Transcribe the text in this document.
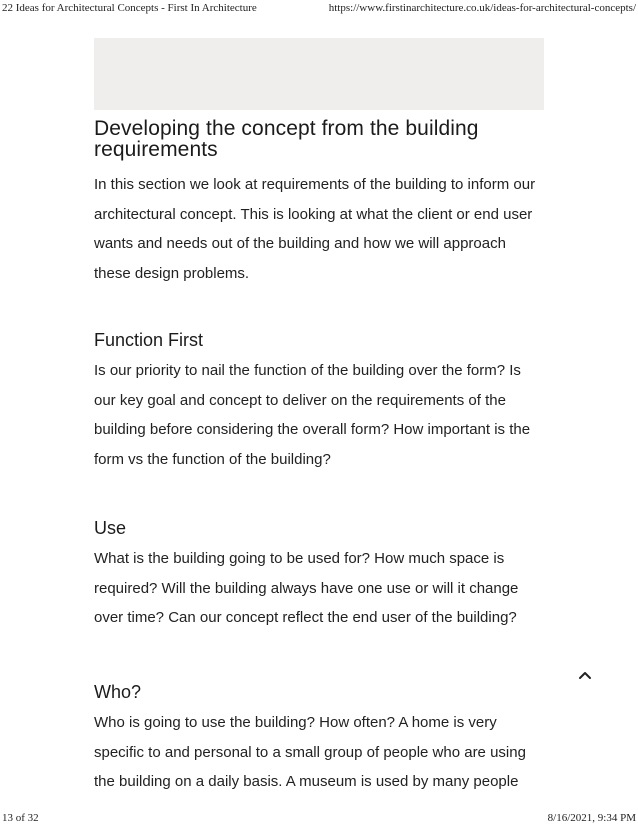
22 Ideas for Architectural Concepts - First In Architecture	https://www.firstinarchitecture.co.uk/ideas-for-architectural-concepts/
Developing the concept from the building requirements

In this section we look at requirements of the building to inform our architectural concept. This is looking at what the client or end user wants and needs out of the building and how we will approach these design problems.

Function First

Is our priority to nail the function of the building over the form? Is our key goal and concept to deliver on the requirements of the building before considering the overall form? How important is the form vs the function of the building?

Use

What is the building going to be used for? How much space is required? Will the building always have one use or will it change over time? Can our concept reflect the end user of the building?

Who?

Who is going to use the building? How often? A home is very specific to and personal to a small group of people who are using the building on a daily basis. A museum is used by many people

13 of 32	8/16/2021, 9:34 PM
